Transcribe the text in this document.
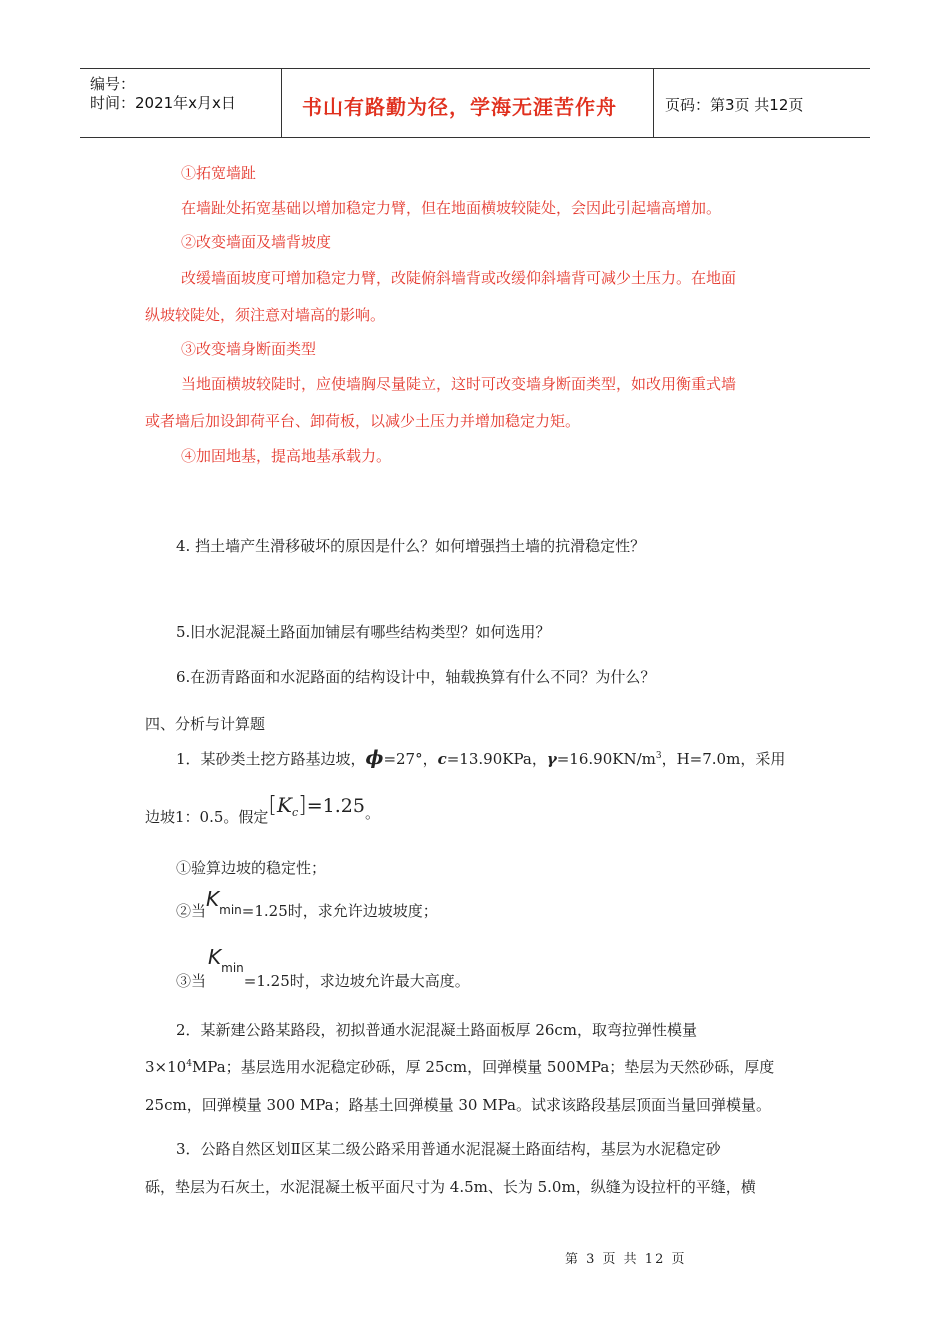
编号：
时间：2021年x月x日	书山有路勤为径，学海无涯苦作舟	页码：第3页 共12页
①拓宽墙趾
在墙趾处拓宽基础以增加稳定力臂，但在地面横坡较陡处，会因此引起墙高增加。
②改变墙面及墙背坡度
改缓墙面坡度可增加稳定力臂，改陡俯斜墙背或改缓仰斜墙背可减少土压力。在地面
纵坡较陡处，须注意对墙高的影响。
③改变墙身断面类型
当地面横坡较陡时，应使墙胸尽量陡立，这时可改变墙身断面类型，如改用衡重式墙
或者墙后加设卸荷平台、卸荷板，以减少土压力并增加稳定力矩。
④加固地基，提高地基承载力。
4. 挡土墙产生滑移破坏的原因是什么？如何增强挡土墙的抗滑稳定性？
5.旧水泥混凝土路面加铺层有哪些结构类型？如何选用？
6.在沥青路面和水泥路面的结构设计中，轴载换算有什么不同？为什么？
四、分析与计算题
1．某砂类土挖方路基边坡，ϕ=27°，c=13.90KPa，$\gamma=16.90KN/m^3$，H=7.0m，采用
边坡1：0.5。假定$[K_c]=1.25$。
①验算边坡的稳定性；
②当$K_{min}=1.25$时，求允许边坡坡度；
③当$K_{min}=1.25$时，求边坡允许最大高度。
2．某新建公路某路段，初拟普通水泥混凝土路面板厚 26cm，取弯拉弹性模量
$3\times 10^4MPa$；基层选用水泥稳定砂砾，厚 25cm，回弹模量 500MPa；垫层为天然砂砾，厚度
25cm，回弹模量 300 MPa；路基土回弹模量 30 MPa。试求该路段基层顶面当量回弹模量。
3．公路自然区划Ⅱ区某二级公路采用普通水泥混凝土路面结构，基层为水泥稳定砂
砾，垫层为石灰土，水泥混凝土板平面尺寸为 4.5m、长为 5.0m，纵缝为设拉杆的平缝，横
第 3 页 共 12 页
